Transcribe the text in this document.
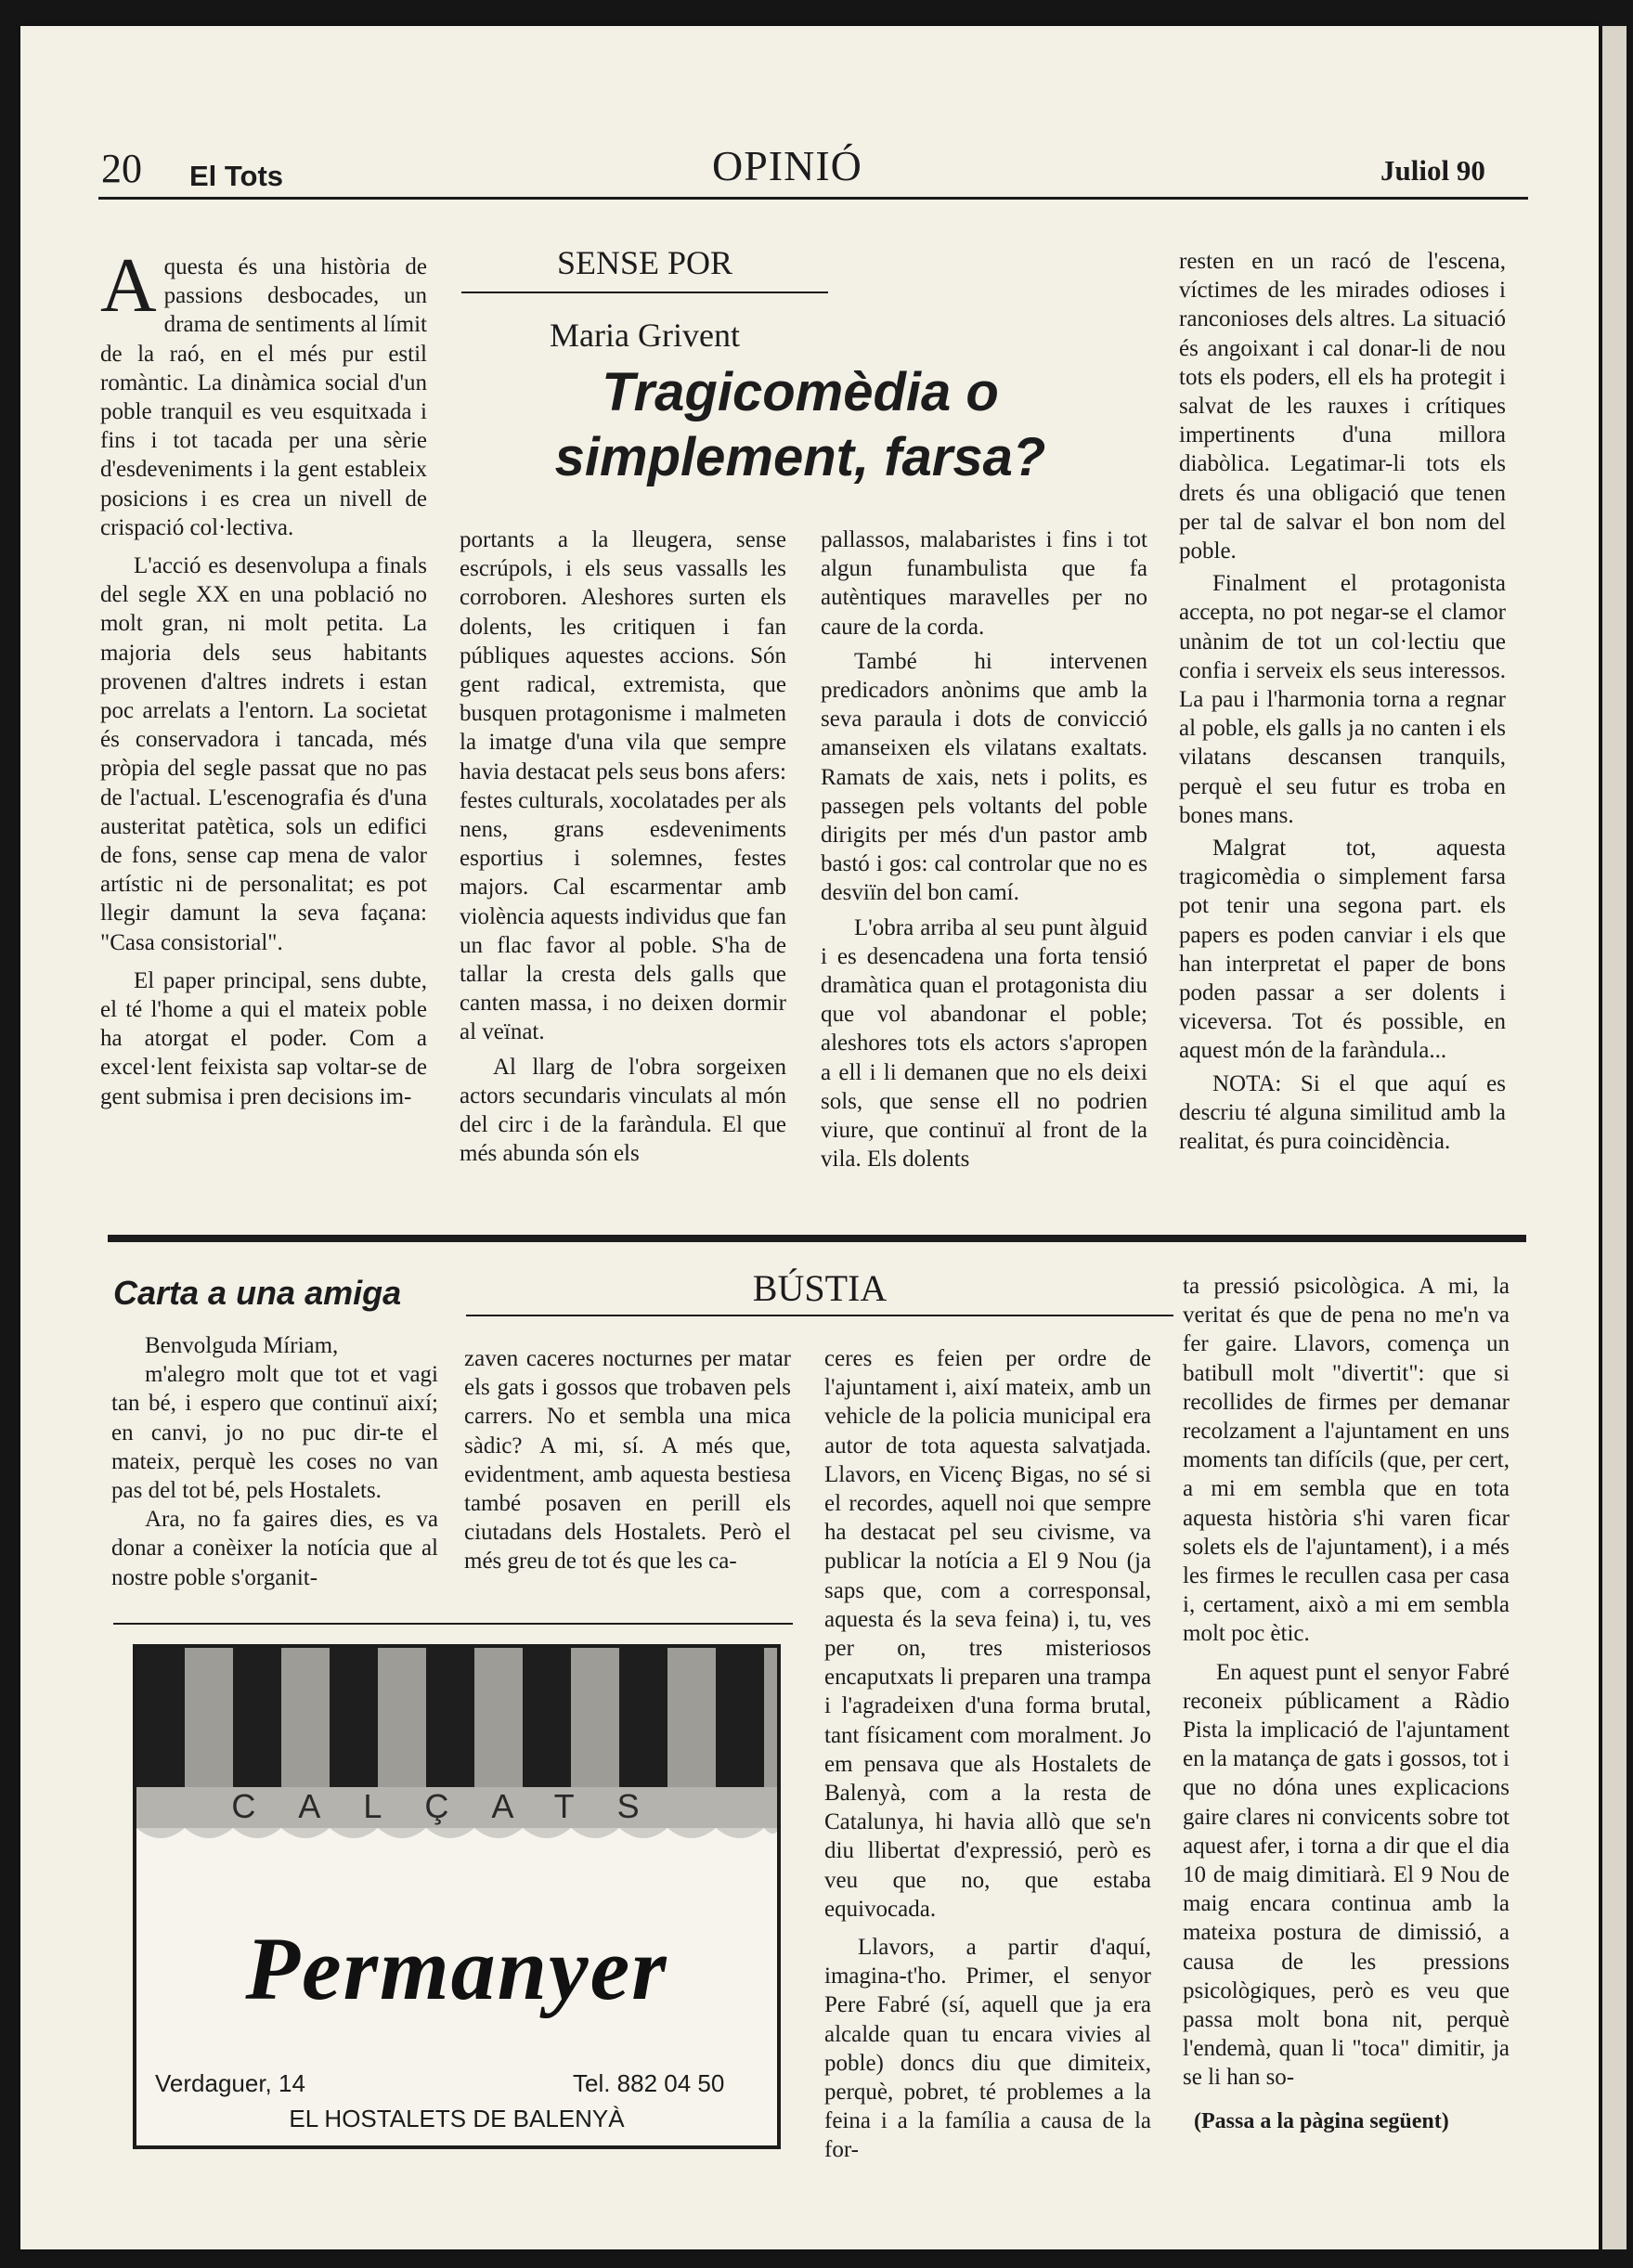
20 El Tots	OPINIÓ	Juliol 90

Aquesta és una història de passions desbocades, un drama de sentiments al límit de la raó, en el més pur estil romàntic. La dinàmica social d'un poble tranquil es veu esquitxada i fins i tot tacada per una sèrie d'esdeveniments i la gent estableix posicions i es crea un nivell de crispació col·lectiva.

L'acció es desenvolupa a finals del segle XX en una població no molt gran, ni molt petita. La majoria dels seus habitants provenen d'altres indrets i estan poc arrelats a l'entorn. La societat és conservadora i tancada, més pròpia del segle passat que no pas de l'actual. L'escenografia és d'una austeritat patètica, sols un edifici de fons, sense cap mena de valor artístic ni de personalitat; es pot llegir damunt la seva façana: "Casa consistorial".

El paper principal, sens dubte, el té l'home a qui el mateix poble ha atorgat el poder. Com a excel·lent feixista sap voltar-se de gent submisa i pren decisions im-

SENSE POR
Maria Grivent
Tragicomèdia o simplement, farsa?

portants a la lleugera, sense escrúpols, i els seus vassalls les corroboren. Aleshores surten els dolents, les critiquen i fan públiques aquestes accions. Són gent radical, extremista, que busquen protagonisme i malmeten la imatge d'una vila que sempre havia destacat pels seus bons afers: festes culturals, xocolatades per als nens, grans esdeveniments esportius i solemnes, festes majors. Cal escarmentar amb violència aquests individus que fan un flac favor al poble. S'ha de tallar la cresta dels galls que canten massa, i no deixen dormir al veïnat.

Al llarg de l'obra sorgeixen actors secundaris vinculats al món del circ i de la faràndula. El que més abunda són els

pallassos, malabaristes i fins i tot algun funambulista que fa autèntiques maravelles per no caure de la corda.

També hi intervenen predicadors anònims que amb la seva paraula i dots de convicció amanseixen els vilatans exaltats. Ramats de xais, nets i polits, es passegen pels voltants del poble dirigits per més d'un pastor amb bastó i gos: cal controlar que no es desviïn del bon camí.

L'obra arriba al seu punt àlguid i es desencadena una forta tensió dramàtica quan el protagonista diu que vol abandonar el poble; aleshores tots els actors s'apropen a ell i li demanen que no els deixi sols, que sense ell no podrien viure, que continuï al front de la vila. Els dolents

resten en un racó de l'escena, víctimes de les mirades odioses i ranconioses dels altres. La situació és angoixant i cal donar-li de nou tots els poders, ell els ha protegit i salvat de les rauxes i crítiques impertinents d'una millora diabòlica. Legatimar-li tots els drets és una obligació que tenen per tal de salvar el bon nom del poble.

Finalment el protagonista accepta, no pot negar-se el clamor unànim de tot un col·lectiu que confia i serveix els seus interessos. La pau i l'harmonia torna a regnar al poble, els galls ja no canten i els vilatans descansen tranquils, perquè el seu futur es troba en bones mans.

Malgrat tot, aquesta tragicomèdia o simplement farsa pot tenir una segona part. els papers es poden canviar i els que han interpretat el paper de bons poden passar a ser dolents i viceversa. Tot és possible, en aquest món de la faràndula...

NOTA: Si el que aquí es descriu té alguna similitud amb la realitat, és pura coincidència.

Carta a una amiga	BÚSTIA

Benvolguda Míriam,

m'alegro molt que tot et vagi tan bé, i espero que continuï així; en canvi, jo no puc dir-te el mateix, perquè les coses no van pas del tot bé, pels Hostalets.

Ara, no fa gaires dies, es va donar a conèixer la notícia que al nostre poble s'organit-

zaven caceres nocturnes per matar els gats i gossos que trobaven pels carrers. No et sembla una mica sàdic? A mi, sí. A més que, evidentment, amb aquesta bestiesa també posaven en perill els ciutadans dels Hostalets. Però el més greu de tot és que les ca-

ceres es feien per ordre de l'ajuntament i, així mateix, amb un vehicle de la policia municipal era autor de tota aquesta salvatjada. Llavors, en Vicenç Bigas, no sé si el recordes, aquell noi que sempre ha destacat pel seu civisme, va publicar la notícia a El 9 Nou (ja saps que, com a corresponsal, aquesta és la seva feina) i, tu, ves per on, tres misteriosos encaputxats li preparen una trampa i l'agradeixen d'una forma brutal, tant físicament com moralment. Jo em pensava que als Hostalets de Balenyà, com a la resta de Catalunya, hi havia allò que se'n diu llibertat d'expressió, però es veu que no, que estaba equivocada.

Llavors, a partir d'aquí, imagina-t'ho. Primer, el senyor Pere Fabré (sí, aquell que ja era alcalde quan tu encara vivies al poble) doncs diu que dimiteix, perquè, pobret, té problemes a la feina i a la família a causa de la for-

ta pressió psicològica. A mi, la veritat és que de pena no me'n va fer gaire. Llavors, comença un batibull molt "divertit": que si recollides de firmes per demanar recolzament a l'ajuntament en uns moments tan difícils (que, per cert, a mi em sembla que en tota aquesta història s'hi varen ficar solets els de l'ajuntament), i a més les firmes le recullen casa per casa i, certament, això a mi em sembla molt poc ètic.

En aquest punt el senyor Fabré reconeix públicament a Ràdio Pista la implicació de l'ajuntament en la matança de gats i gossos, tot i que no dóna unes explicacions gaire clares ni convicents sobre tot aquest afer, i torna a dir que el dia 10 de maig dimitiarà. El 9 Nou de maig encara continua amb la mateixa postura de dimissió, a causa de les pressions psicològiques, però es veu que passa molt bona nit, perquè l'endemà, quan li "toca" dimitir, ja se li han so-

(Passa a la pàgina següent)
CALÇATS
Permanyer
Verdaguer, 14	Tel. 882 04 50
EL HOSTALETS DE BALENYÀ
